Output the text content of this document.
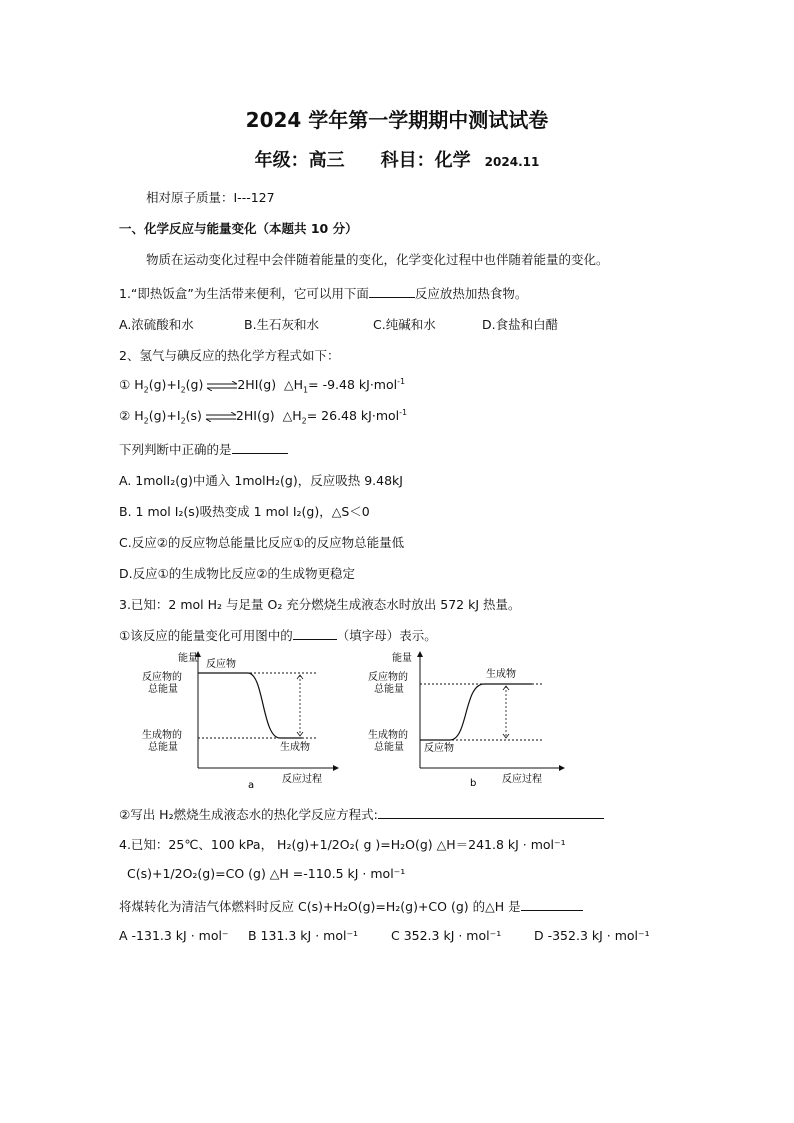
2024 学年第一学期期中测试试卷
年级：高三 科目：化学 2024.11
相对原子质量：I---127
一、化学反应与能量变化（本题共 10 分）
物质在运动变化过程中会伴随着能量的变化，化学变化过程中也伴随着能量的变化。
1.“即热饭盒”为生活带来便利，它可以用下面	反应放热加热食物。
A.浓硫酸和水	B.生石灰和水	C.纯碱和水	D.食盐和白醋
2、氢气与碘反应的热化学方程式如下：
① $H_2(g)+I_2(g)$ ⇌2HI(g) $\triangle H_1= -9.48$ kJ·mol$^{-1}$
② $H_2(g)+I_2(s)$ ⇌2HI(g) $\triangle H_2= 26.48$ kJ·mol$^{-1}$
下列判断中正确的是
A. 1molI₂(g)中通入 1molH₂(g)，反应吸热 9.48kJ
B. 1 mol I₂(s)吸热变成 1 mol I₂(g)，△S＜0
C.反应②的反应物总能量比反应①的反应物总能量低
D.反应①的生成物比反应②的生成物更稳定
3.已知：2 mol H₂ 与足量 O₂ 充分燃烧生成液态水时放出 572 kJ 热量。
①该反应的能量变化可用图中的	（填字母）表示。
能量
反应过程
反应物
反应物的
总能量
生成物的
总能量	生成物
a
能量
反应过程
生成物
反应物的
总能量
生成物的
总能量 反应物
b
②写出 H₂燃烧生成液态水的热化学反应方程式:
4.已知：25℃、100 kPa， H₂(g)+1/2O₂( g )=H₂O(g) △H＝241.8 kJ · mol⁻¹
C(s)+1/2O₂(g)=CO (g) △H =-110.5 kJ · mol⁻¹
将煤转化为清洁气体燃料时反应 C(s)+H₂O(g)=H₂(g)+CO (g) 的△H 是
A -131.3 kJ · mol⁻ B 131.3 kJ · mol⁻¹	C 352.3 kJ · mol⁻¹	D -352.3 kJ · mol⁻¹
